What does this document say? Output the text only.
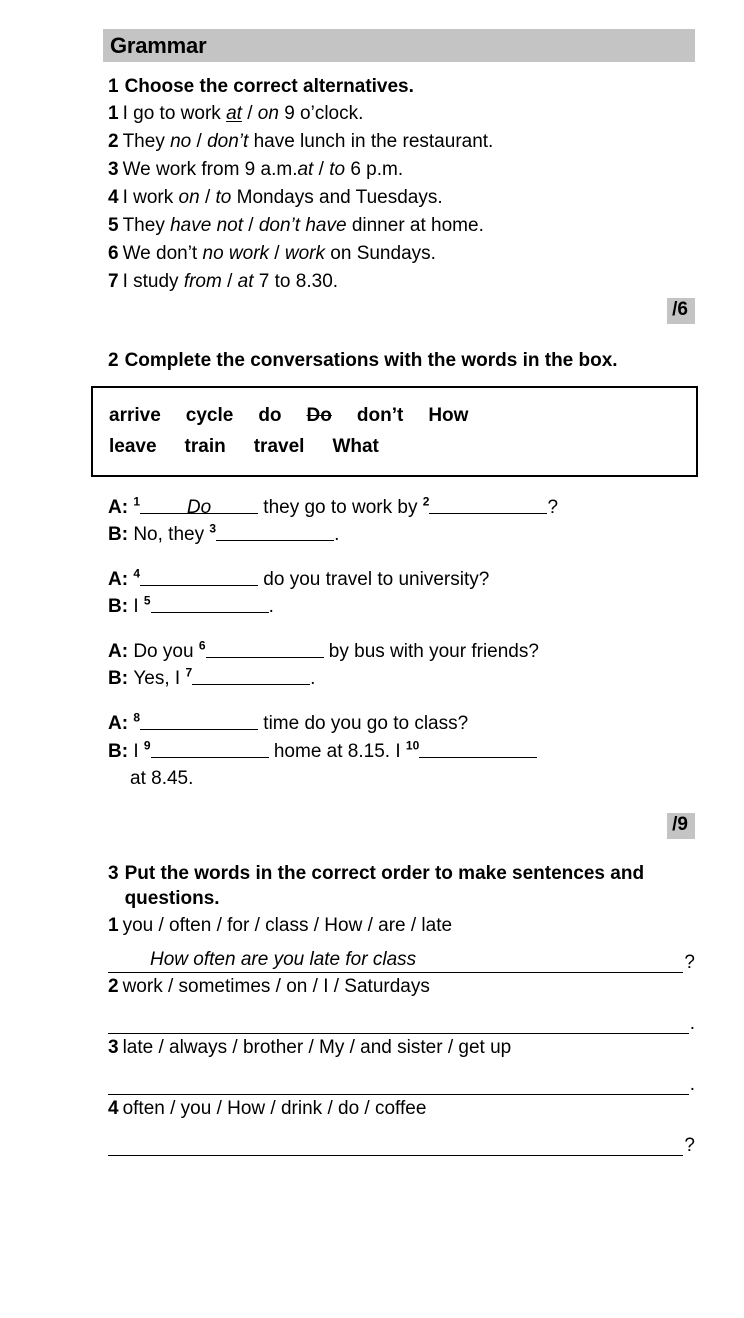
Grammar
1 Choose the correct alternatives.
1 I go to work at / on 9 o’clock.
2 They no / don’t have lunch in the restaurant.
3 We work from 9 a.m.at / to 6 p.m.
4 I work on / to Mondays and Tuesdays.
5 They have not / don’t have dinner at home.
6 We don’t no work / work on Sundays.
7 I study from / at 7 to 8.30.
/6
2 Complete the conversations with the words in the box.
arrive cycle do Do don’t How
leave train travel What
A: $^1$ Do they go to work by $^2$	?
B: No, they $^3$	.
A: $^4$	do you travel to university?
B: I $^5$	.
A: Do you $^6$	by bus with your friends?
B: Yes, I $^7$	.
A: $^8$	time do you go to class?
B: I $^9$	home at 8.15. I $^{10}$
at 8.45.
/9
3 Put the words in the correct order to make sentences and questions.
1 you / often / for / class / How / are / late
How often are you late for class	?
2 work / sometimes / on / I / Saturdays
.
3 late / always / brother / My / and sister / get up
.
4 often / you / How / drink / do / coffee
?
